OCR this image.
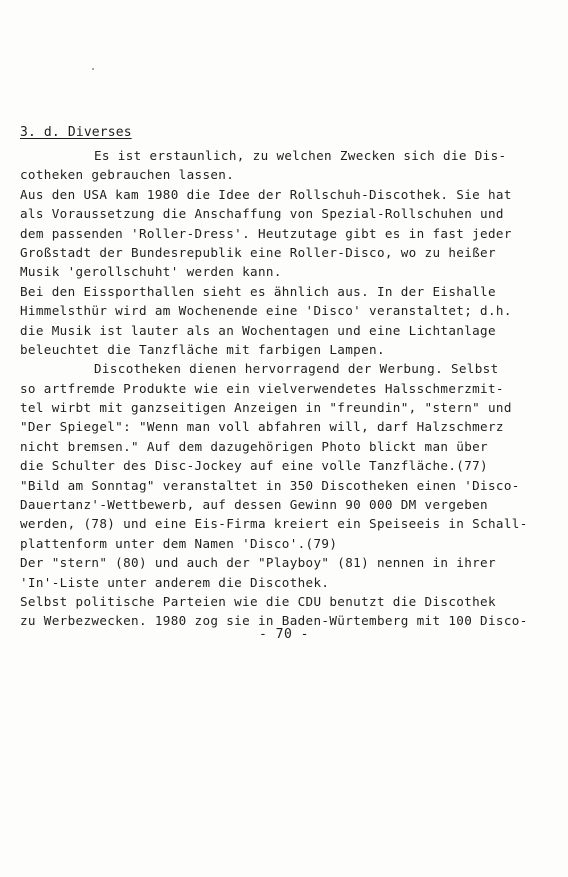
3. d. Diverses
Es ist erstaunlich, zu welchen Zwecken sich die Dis-
cotheken gebrauchen lassen.
Aus den USA kam 1980 die Idee der Rollschuh-Discothek. Sie hat
als Voraussetzung die Anschaffung von Spezial-Rollschuhen und
dem passenden 'Roller-Dress'. Heutzutage gibt es in fast jeder
Großstadt der Bundesrepublik eine Roller-Disco, wo zu heißer
Musik 'gerollschuht' werden kann.
Bei den Eissporthallen sieht es ähnlich aus. In der Eishalle
Himmelsthür wird am Wochenende eine 'Disco' veranstaltet; d.h.
die Musik ist lauter als an Wochentagen und eine Lichtanlage
beleuchtet die Tanzfläche mit farbigen Lampen.
Discotheken dienen hervorragend der Werbung. Selbst
so artfremde Produkte wie ein vielverwendetes Halsschmerzmit-
tel wirbt mit ganzseitigen Anzeigen in "freundin", "stern" und
"Der Spiegel": "Wenn man voll abfahren will, darf Halzschmerz
nicht bremsen." Auf dem dazugehörigen Photo blickt man über
die Schulter des Disc-Jockey auf eine volle Tanzfläche.(77)
"Bild am Sonntag" veranstaltet in 350 Discotheken einen 'Disco-
Dauertanz'-Wettbewerb, auf dessen Gewinn 90 000 DM vergeben
werden, (78) und eine Eis-Firma kreiert ein Speiseeis in Schall-
plattenform unter dem Namen 'Disco'.(79)
Der "stern" (80) und auch der "Playboy" (81) nennen in ihrer
'In'-Liste unter anderem die Discothek.
Selbst politische Parteien wie die CDU benutzt die Discothek
zu Werbezwecken. 1980 zog sie in Baden-Würtemberg mit 100 Disco-
- 70 -
